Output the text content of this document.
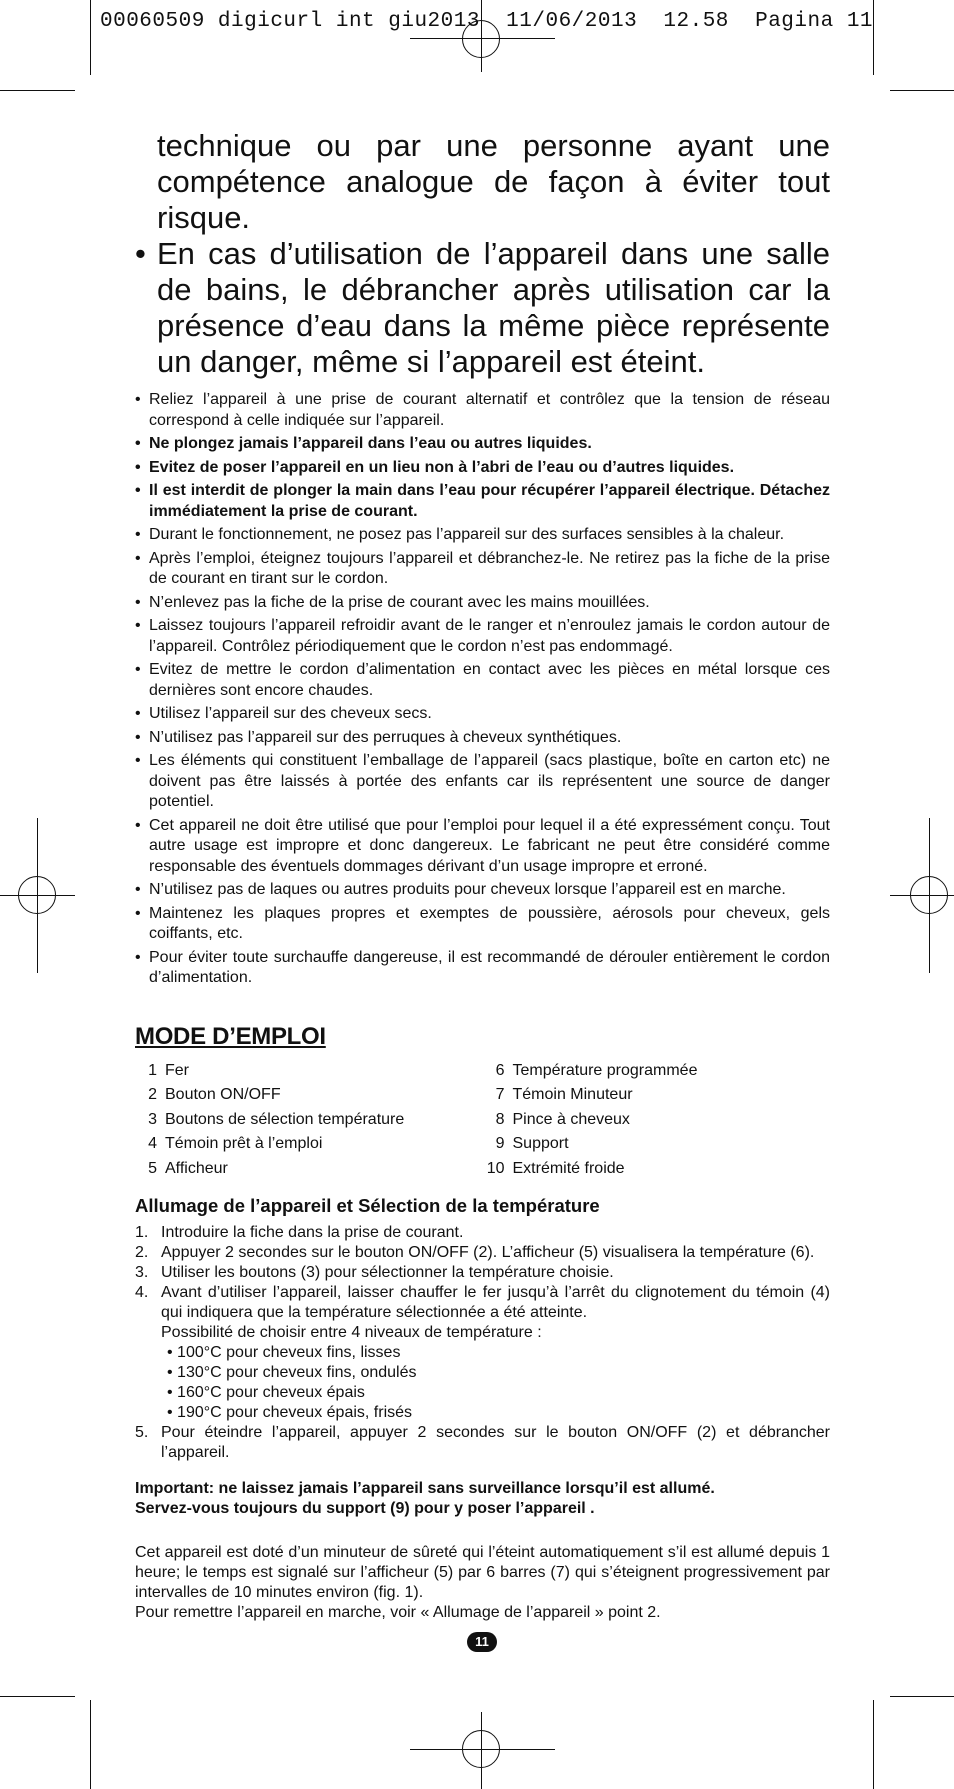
00060509 digicurl int giu2013  11/06/2013  12.58  Pagina 11

technique ou par une personne ayant une compétence analogue de façon à éviter tout risque.

• En cas d’utilisation de l’appareil dans une salle de bains, le débrancher après utilisation car la présence d’eau dans la même pièce représente un danger, même si l’appareil est éteint.

• Reliez l’appareil à une prise de courant alternatif et contrôlez que la tension de réseau correspond à celle indiquée sur l’appareil.
• Ne plongez jamais l’appareil dans l’eau ou autres liquides.
• Evitez de poser l’appareil en un lieu non à l’abri de l’eau ou d’autres liquides.
• Il est interdit de plonger la main dans l’eau pour récupérer l’appareil électrique. Détachez immédiatement la prise de courant.
• Durant le fonctionnement, ne posez pas l’appareil sur des surfaces sensibles à la chaleur.
• Après l’emploi, éteignez toujours l’appareil et débranchez-le. Ne retirez pas la fiche de la prise de courant en tirant sur le cordon.
• N’enlevez pas la fiche de la prise de courant avec les mains mouillées.
• Laissez toujours l’appareil refroidir avant de le ranger et n’enroulez jamais le cordon autour de l’appareil. Contrôlez périodiquement que le cordon n’est pas endommagé.
• Evitez de mettre le cordon d’alimentation en contact avec les pièces en métal lorsque ces dernières sont encore chaudes.
• Utilisez l’appareil sur des cheveux secs.
• N’utilisez pas l’appareil sur des perruques à cheveux synthétiques.
• Les éléments qui constituent l’emballage de l’appareil (sacs plastique, boîte en carton etc) ne doivent pas être laissés à portée des enfants car ils représentent une source de danger potentiel.
• Cet appareil ne doit être utilisé que pour l’emploi pour lequel il a été expressément conçu. Tout autre usage est impropre et donc dangereux. Le fabricant ne peut être considéré comme responsable des éventuels dommages dérivant d’un usage impropre et erroné.
• N’utilisez pas de laques ou autres produits pour cheveux lorsque l’appareil est en marche.
• Maintenez les plaques propres et exemptes de poussière, aérosols pour cheveux, gels coiffants, etc.
• Pour éviter toute surchauffe dangereuse, il est recommandé de dérouler entièrement le cordon d’alimentation.
MODE D’EMPLOI
1 Fer
2 Bouton ON/OFF
3 Boutons de sélection température
4 Témoin prêt à l’emploi
5 Afficheur
6 Température programmée
7 Témoin Minuteur
8 Pince à cheveux
9 Support
10 Extrémité froide
Allumage de l’appareil et Sélection de la température
1. Introduire la fiche dans la prise de courant.
2. Appuyer 2 secondes sur le bouton ON/OFF (2). L’afficheur (5) visualisera la température (6).
3. Utiliser les boutons (3) pour sélectionner la température choisie.
4. Avant d’utiliser l’appareil, laisser chauffer le fer jusqu’à l’arrêt du clignotement du témoin (4) qui indiquera que la température sélectionnée a été atteinte.
Possibilité de choisir entre 4 niveaux de température :
• 100°C pour cheveux fins, lisses
• 130°C pour cheveux fins, ondulés
• 160°C pour cheveux épais
• 190°C pour cheveux épais, frisés
5. Pour éteindre l’appareil, appuyer 2 secondes sur le bouton ON/OFF (2) et débrancher l’appareil.
Important: ne laissez jamais l’appareil sans surveillance lorsqu’il est allumé.
Servez-vous toujours du support (9) pour y poser l’appareil .
Cet appareil est doté d’un minuteur de sûreté qui l’éteint automatiquement s’il est allumé depuis 1 heure; le temps est signalé sur l’afficheur (5) par 6 barres (7) qui s’éteignent progressivement par intervalles de 10 minutes environ (fig. 1).
Pour remettre l’appareil en marche, voir « Allumage de l’appareil » point 2.
11
